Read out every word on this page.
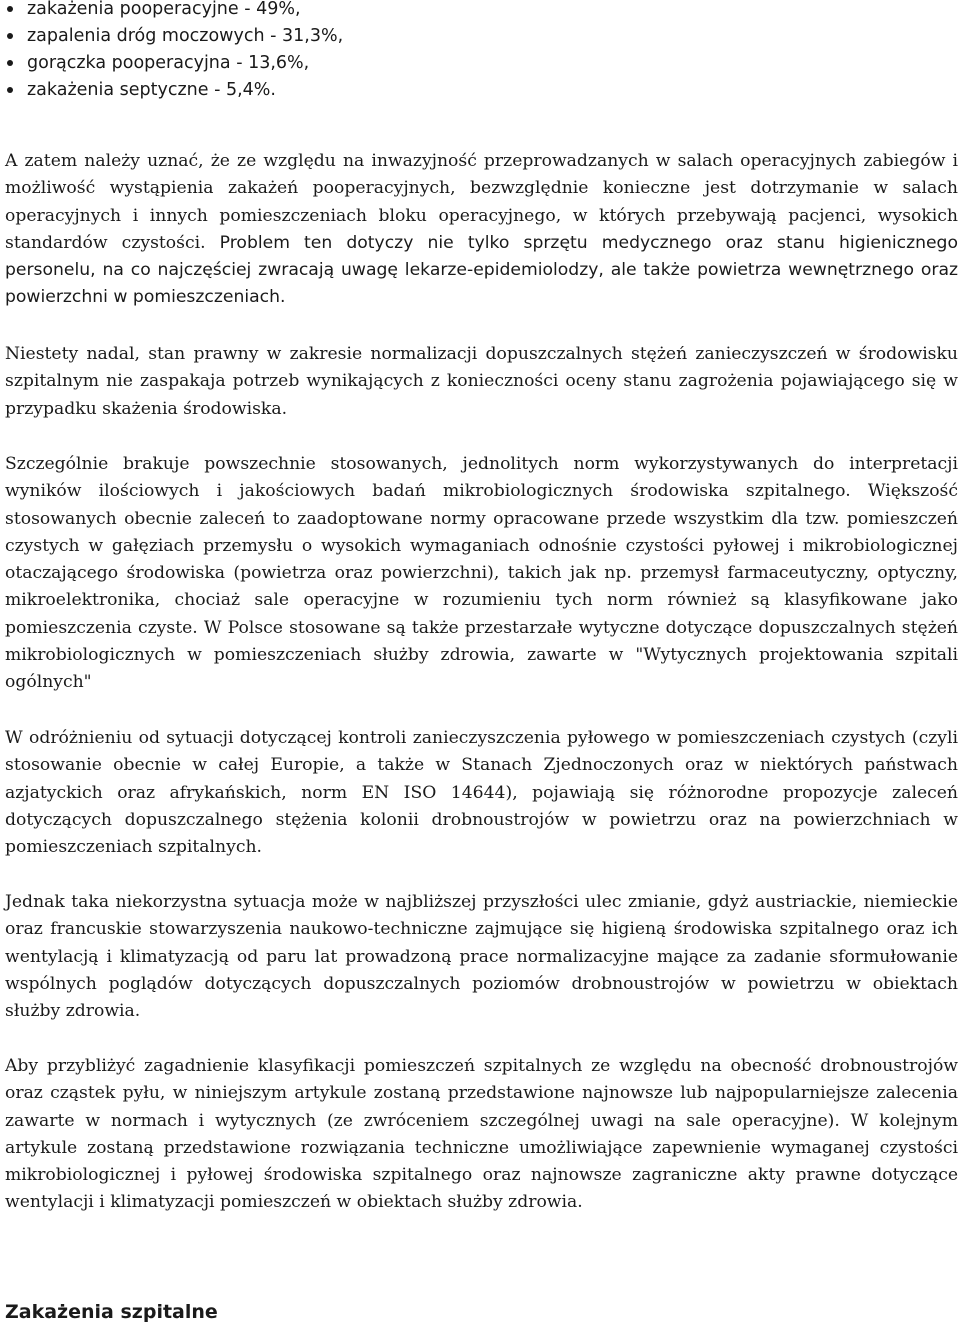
zakażenia pooperacyjne - 49%,
zapalenia dróg moczowych - 31,3%,
gorączka pooperacyjna - 13,6%,
zakażenia septyczne - 5,4%.

A zatem należy uznać, że ze względu na inwazyjność przeprowadzanych w salach operacyjnych zabiegów i możliwość wystąpienia zakażeń pooperacyjnych, bezwzględnie konieczne jest dotrzymanie w salach operacyjnych i innych pomieszczeniach bloku operacyjnego, w których przebywają pacjenci, wysokich standardów czystości. Problem ten dotyczy nie tylko sprzętu medycznego oraz stanu higienicznego personelu, na co najczęściej zwracają uwagę lekarze-epidemiolodzy, ale także powietrza wewnętrznego oraz powierzchni w pomieszczeniach.

Niestety nadal, stan prawny w zakresie normalizacji dopuszczalnych stężeń zanieczyszczeń w środowisku szpitalnym nie zaspakaja potrzeb wynikających z konieczności oceny stanu zagrożenia pojawiającego się w przypadku skażenia środowiska.

Szczególnie brakuje powszechnie stosowanych, jednolitych norm wykorzystywanych do interpretacji wyników ilościowych i jakościowych badań mikrobiologicznych środowiska szpitalnego. Większość stosowanych obecnie zaleceń to zaadoptowane normy opracowane przede wszystkim dla tzw. pomieszczeń czystych w gałęziach przemysłu o wysokich wymaganiach odnośnie czystości pyłowej i mikrobiologicznej otaczającego środowiska (powietrza oraz powierzchni), takich jak np. przemysł farmaceutyczny, optyczny, mikroelektronika, chociaż sale operacyjne w rozumieniu tych norm również są klasyfikowane jako pomieszczenia czyste. W Polsce stosowane są także przestarzałe wytyczne dotyczące dopuszczalnych stężeń mikrobiologicznych w pomieszczeniach służby zdrowia, zawarte w "Wytycznych projektowania szpitali ogólnych"

W odróżnieniu od sytuacji dotyczącej kontroli zanieczyszczenia pyłowego w pomieszczeniach czystych (czyli stosowanie obecnie w całej Europie, a także w Stanach Zjednoczonych oraz w niektórych państwach azjatyckich oraz afrykańskich, norm EN ISO 14644), pojawiają się różnorodne propozycje zaleceń dotyczących dopuszczalnego stężenia kolonii drobnoustrojów w powietrzu oraz na powierzchniach w pomieszczeniach szpitalnych.

Jednak taka niekorzystna sytuacja może w najbliższej przyszłości ulec zmianie, gdyż austriackie, niemieckie oraz francuskie stowarzyszenia naukowo-techniczne zajmujące się higieną środowiska szpitalnego oraz ich wentylacją i klimatyzacją od paru lat prowadzoną prace normalizacyjne mające za zadanie sformułowanie wspólnych poglądów dotyczących dopuszczalnych poziomów drobnoustrojów w powietrzu w obiektach służby zdrowia.

Aby przybliżyć zagadnienie klasyfikacji pomieszczeń szpitalnych ze względu na obecność drobnoustrojów oraz cząstek pyłu, w niniejszym artykule zostaną przedstawione najnowsze lub najpopularniejsze zalecenia zawarte w normach i wytycznych (ze zwróceniem szczególnej uwagi na sale operacyjne). W kolejnym artykule zostaną przedstawione rozwiązania techniczne umożliwiające zapewnienie wymaganej czystości mikrobiologicznej i pyłowej środowiska szpitalnego oraz najnowsze zagraniczne akty prawne dotyczące wentylacji i klimatyzacji pomieszczeń w obiektach służby zdrowia.

Zakażenia szpitalne
